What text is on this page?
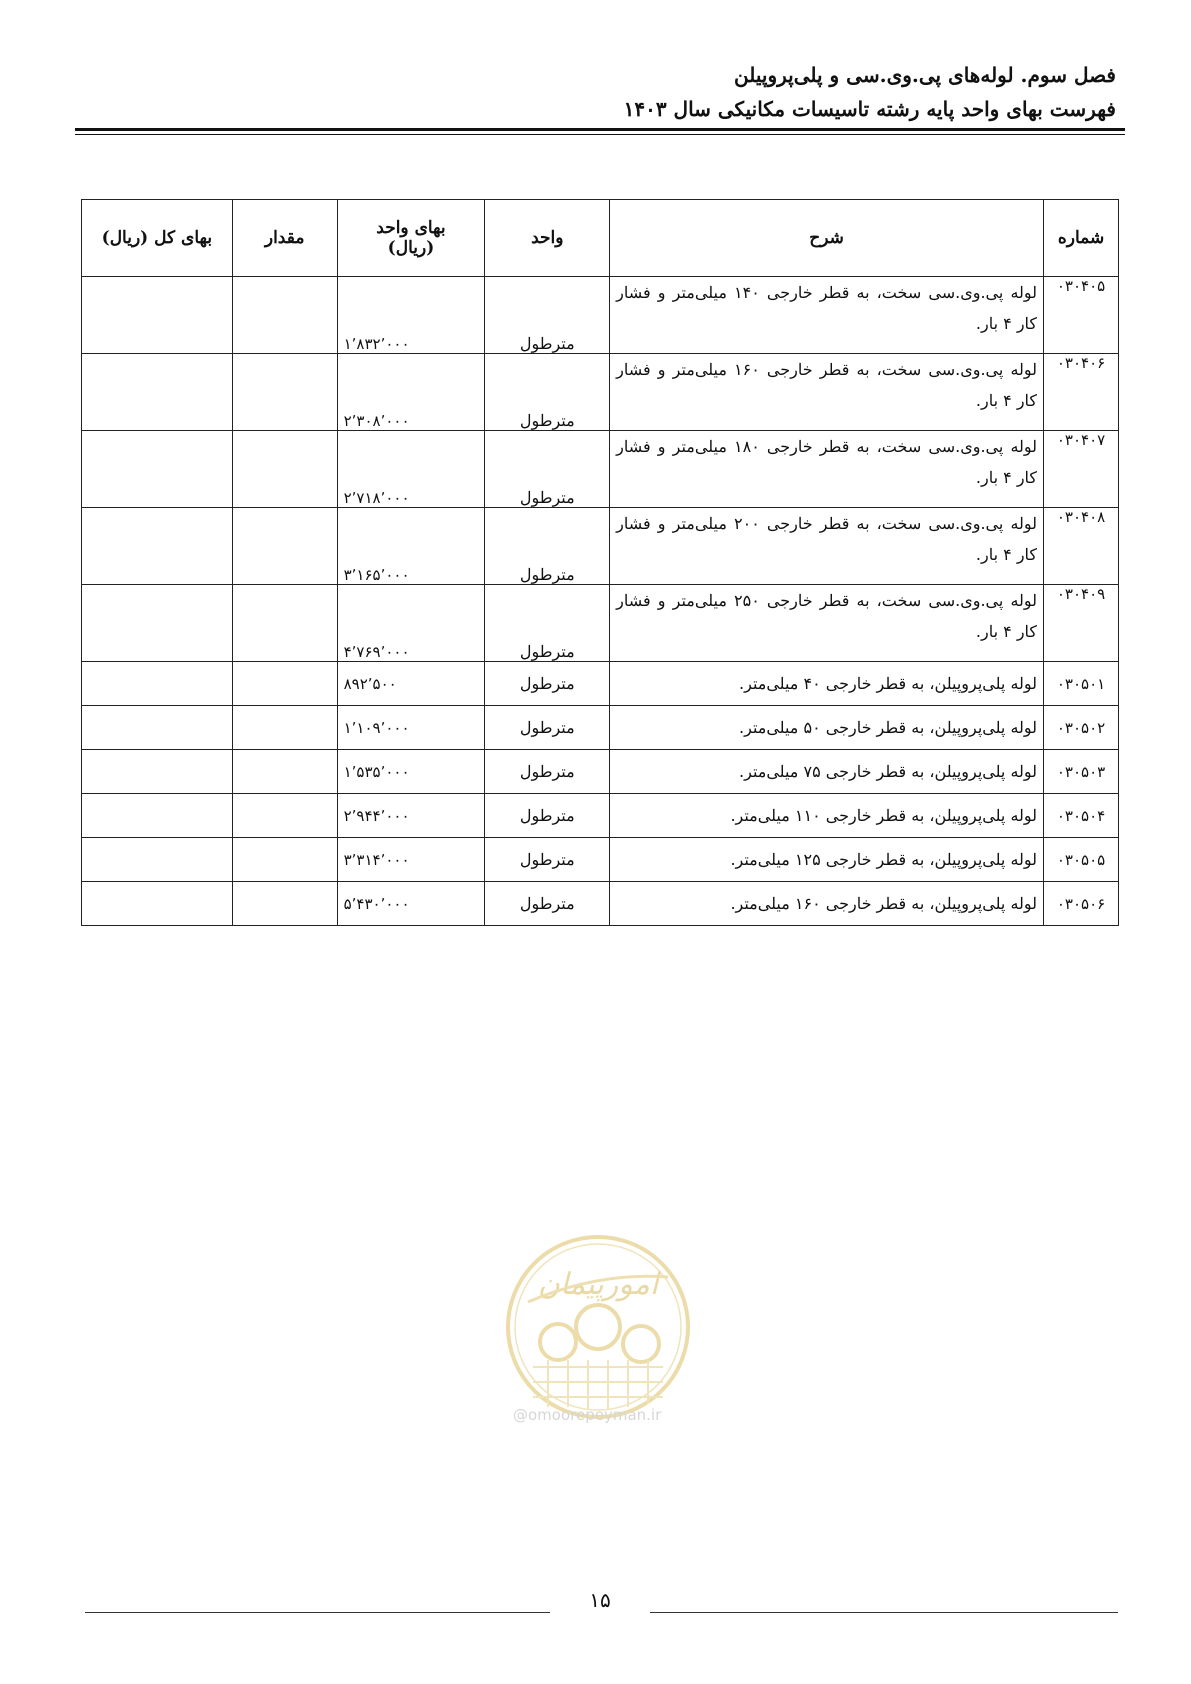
فصل سوم. لوله‌های پی.وی.سی و پلی‌پروپیلن
فهرست بهای واحد پایه رشته تاسیسات مکانیکی سال ۱۴۰۳
شماره	شرح	واحد	بهای واحد
(ریال)	مقدار	بهای کل (ریال)
۰۳۰۴۰۵	لوله پی.وی.سی سخت، به قطر خارجی ۱۴۰ میلی‌متر و فشار کار ۴ بار.	مترطول	۱٬۸۳۲٬۰۰۰		
۰۳۰۴۰۶	لوله پی.وی.سی سخت، به قطر خارجی ۱۶۰ میلی‌متر و فشار کار ۴ بار.	مترطول	۲٬۳۰۸٬۰۰۰		
۰۳۰۴۰۷	لوله پی.وی.سی سخت، به قطر خارجی ۱۸۰ میلی‌متر و فشار کار ۴ بار.	مترطول	۲٬۷۱۸٬۰۰۰		
۰۳۰۴۰۸	لوله پی.وی.سی سخت، به قطر خارجی ۲۰۰ میلی‌متر و فشار کار ۴ بار.	مترطول	۳٬۱۶۵٬۰۰۰		
۰۳۰۴۰۹	لوله پی.وی.سی سخت، به قطر خارجی ۲۵۰ میلی‌متر و فشار کار ۴ بار.	مترطول	۴٬۷۶۹٬۰۰۰		
۰۳۰۵۰۱	لوله پلی‌پروپیلن، به قطر خارجی ۴۰ میلی‌متر.	مترطول	۸۹۲٬۵۰۰		
۰۳۰۵۰۲	لوله پلی‌پروپیلن، به قطر خارجی ۵۰ میلی‌متر.	مترطول	۱٬۱۰۹٬۰۰۰		
۰۳۰۵۰۳	لوله پلی‌پروپیلن، به قطر خارجی ۷۵ میلی‌متر.	مترطول	۱٬۵۳۵٬۰۰۰		
۰۳۰۵۰۴	لوله پلی‌پروپیلن، به قطر خارجی ۱۱۰ میلی‌متر.	مترطول	۲٬۹۴۴٬۰۰۰		
۰۳۰۵۰۵	لوله پلی‌پروپیلن، به قطر خارجی ۱۲۵ میلی‌متر.	مترطول	۳٬۳۱۴٬۰۰۰		
۰۳۰۵۰۶	لوله پلی‌پروپیلن، به قطر خارجی ۱۶۰ میلی‌متر.	مترطول	۵٬۴۳۰٬۰۰۰		
امورپیمان
@omoorepeyman.ir
۱۵
